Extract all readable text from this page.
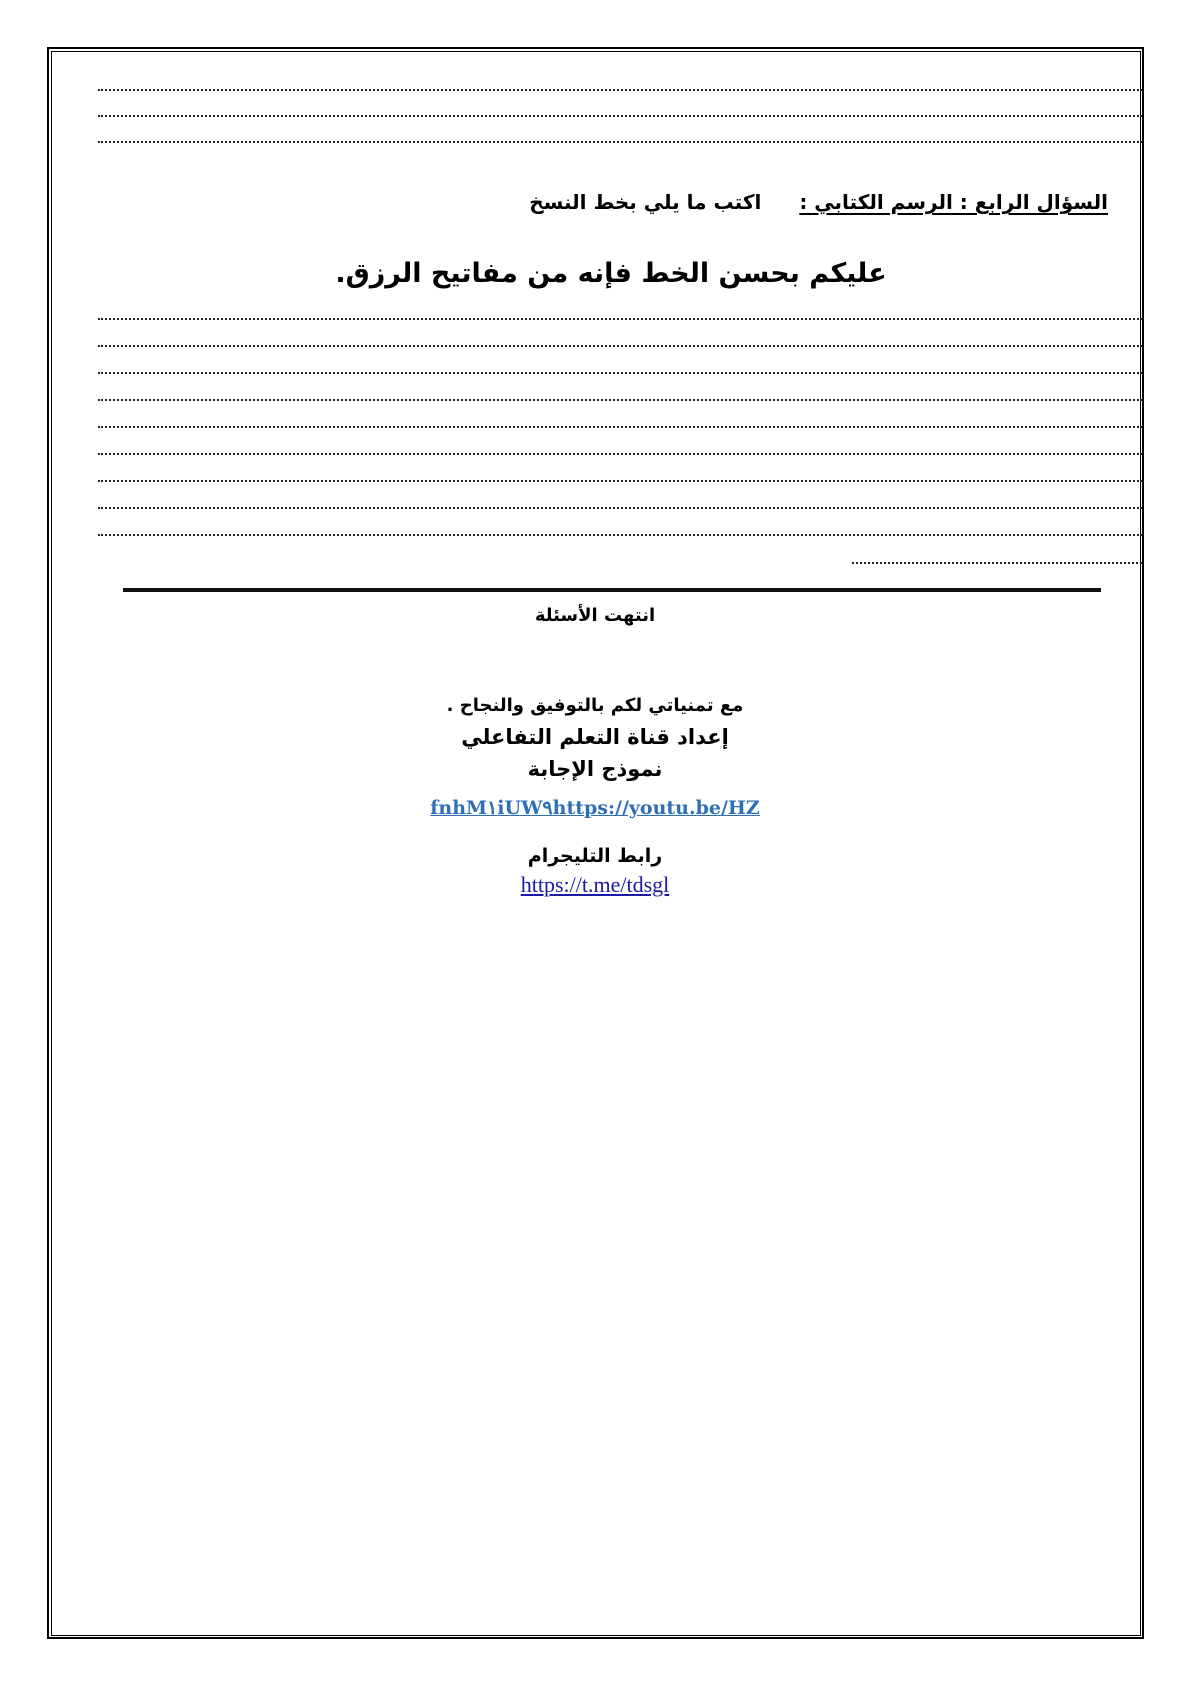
السؤال الرابع : الرسم الكتابي :اكتب ما يلي بخط النسخ
عليكم بحسن الخط فإنه من مفاتيح الرزق.
انتهت الأسئلة
مع تمنياتي لكم بالتوفيق والنجاح .
إعداد قناة التعلم التفاعلي
نموذج الإجابة
fnhM١iUW٩https://youtu.be/HZ
رابط التليجرام
https://t.me/tdsgl
